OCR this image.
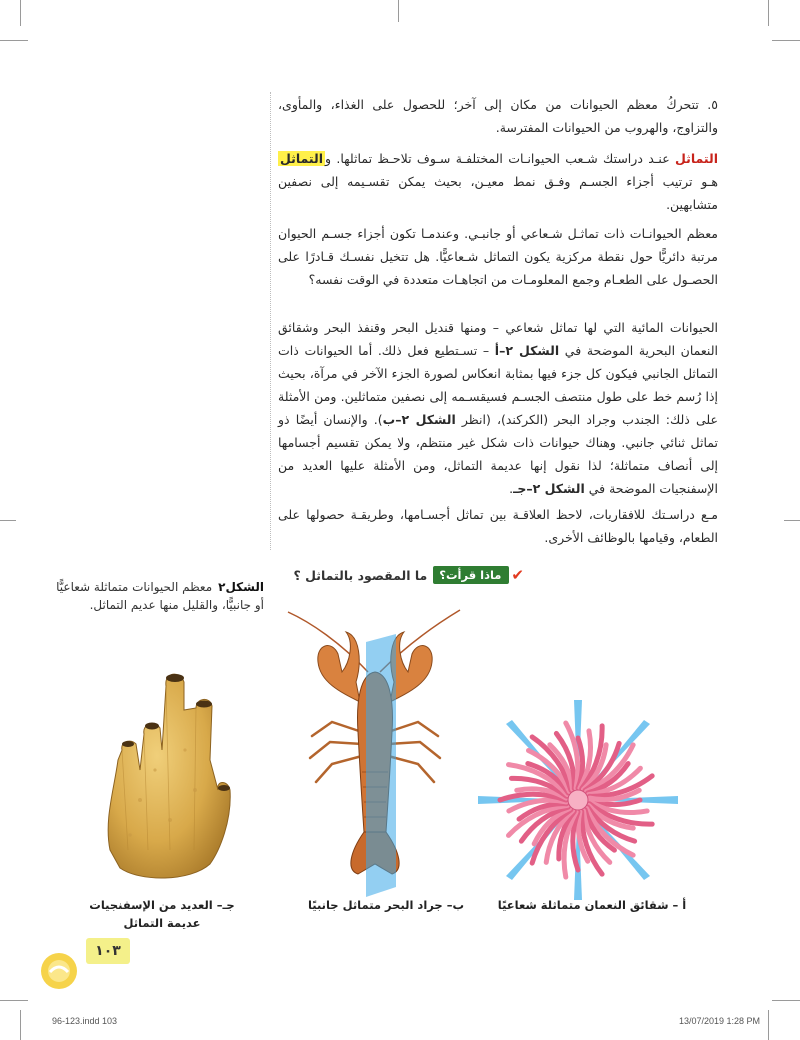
٥. تتحركُ معظم الحيوانات من مكان إلى آخر؛ للحصول على الغذاء، والمأوى، والتزاوج، والهروب من الحيوانات المفترسة.

التماثل عنـد دراستك شـعب الحيوانـات المختلفـة سـوف تلاحـظ تماثلها. والتماثل هـو ترتيب أجزاء الجسـم وفـق نمط معيـن، بحيث يمكن تقسـيمه إلى نصفين متشابهين.

معظم الحيوانـات ذات تماثـل شـعاعي أو جانبـي. وعندمـا تكون أجزاء جسـم الحيوان مرتبة دائريًّا حول نقطة مركزية يكون التماثل شـعاعيًّا. هل تتخيل نفسـك قـادرًا على الحصـول على الطعـام وجمع المعلومـات من اتجاهـات متعددة في الوقت نفسه؟

الحيوانات المائية التي لها تماثل شعاعي – ومنها قنديل البحر وقنفذ البحر وشقائق النعمان البحرية الموضحة في الشكل ٢–أ – تسـتطيع فعل ذلك. أما الحيوانات ذات التماثل الجانبي فيكون كل جزء فيها بمثابة انعكاس لصورة الجزء الآخر في مرآة، بحيث إذا رُسم خط على طول منتصف الجسـم فسيقسـمه إلى نصفين متماثلين. ومن الأمثلة على ذلك: الجندب وجراد البحر (الكركند)، (انظر الشكل ٢–ب). والإنسان أيضًا ذو تماثل ثنائي جانبي. وهناك حيوانات ذات شكل غير منتظم، ولا يمكن تقسيم أجسامها إلى أنصاف متماثلة؛ لذا نقول إنها عديمة التماثل، ومن الأمثلة عليها العديد من الإسفنجيات الموضحة في الشكل ٢–جـ.

مـع دراسـتك للافقاريات، لاحظ العلاقـة بين تماثل أجسـامها، وطريقـة حصولها على الطعام، وقيامها بالوظائف الأخرى.

✔
ماذا قرأت؟
ما المقصود بالتماثل ؟
الشكل٢معظم الحيوانات متماثلة شعاعيًّا أو جانبيًّا، والقليل منها عديم التماثل.
جـ– العديد من الإسفنجيات عديمة التماثل
ب– جراد البحر متماثل جانبيًا	أ – شقائق النعمان متماثلة شعاعيًا
١٠٣
96-123.indd 103	13/07/2019 1:28 PM
